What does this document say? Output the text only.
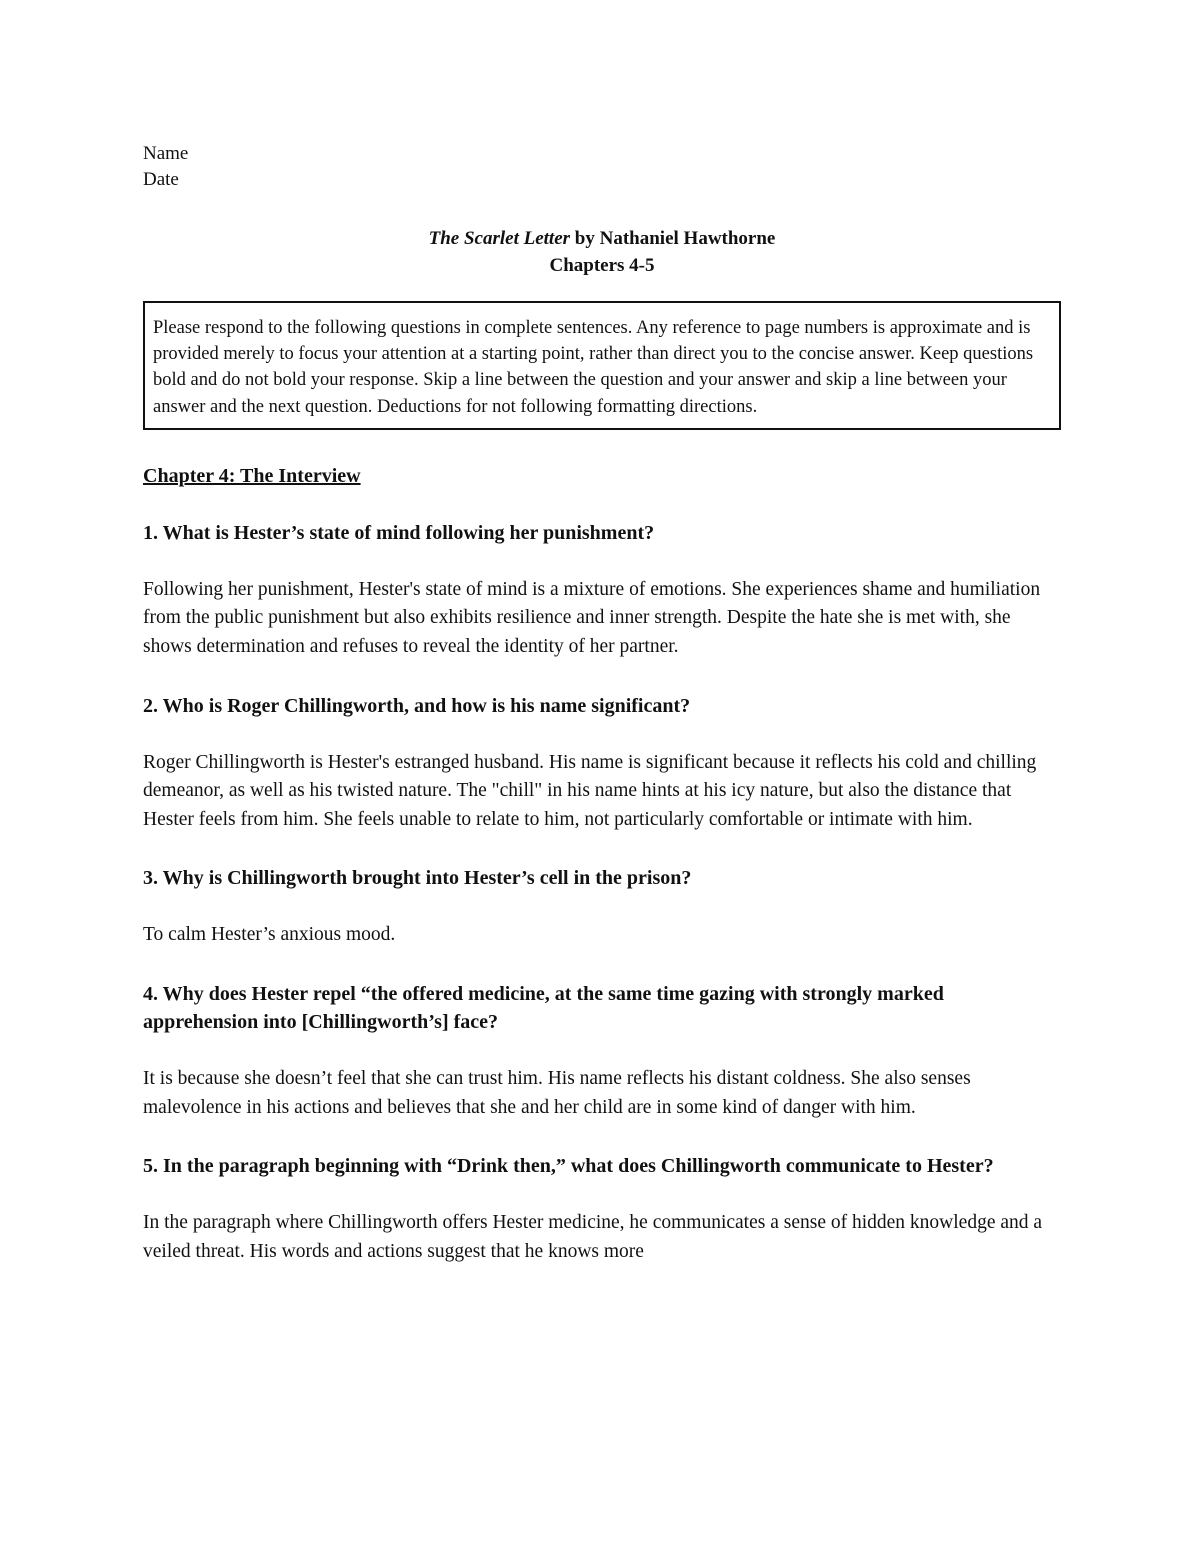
Name
Date
The Scarlet Letter by Nathaniel Hawthorne
Chapters 4-5
Please respond to the following questions in complete sentences. Any reference to page numbers is approximate and is provided merely to focus your attention at a starting point, rather than direct you to the concise answer. Keep questions bold and do not bold your response. Skip a line between the question and your answer and skip a line between your answer and the next question. Deductions for not following formatting directions.
Chapter 4: The Interview
1. What is Hester’s state of mind following her punishment?
Following her punishment, Hester's state of mind is a mixture of emotions. She experiences shame and humiliation from the public punishment but also exhibits resilience and inner strength. Despite the hate she is met with, she shows determination and refuses to reveal the identity of her partner.
2. Who is Roger Chillingworth, and how is his name significant?
Roger Chillingworth is Hester's estranged husband. His name is significant because it reflects his cold and chilling demeanor, as well as his twisted nature. The "chill" in his name hints at his icy nature, but also the distance that Hester feels from him. She feels unable to relate to him, not particularly comfortable or intimate with him.
3. Why is Chillingworth brought into Hester’s cell in the prison?
To calm Hester’s anxious mood.
4. Why does Hester repel “the offered medicine, at the same time gazing with strongly marked apprehension into [Chillingworth’s] face?
It is because she doesn’t feel that she can trust him. His name reflects his distant coldness. She also senses malevolence in his actions and believes that she and her child are in some kind of danger with him.
5. In the paragraph beginning with “Drink then,” what does Chillingworth communicate to Hester?
In the paragraph where Chillingworth offers Hester medicine, he communicates a sense of hidden knowledge and a veiled threat. His words and actions suggest that he knows more
